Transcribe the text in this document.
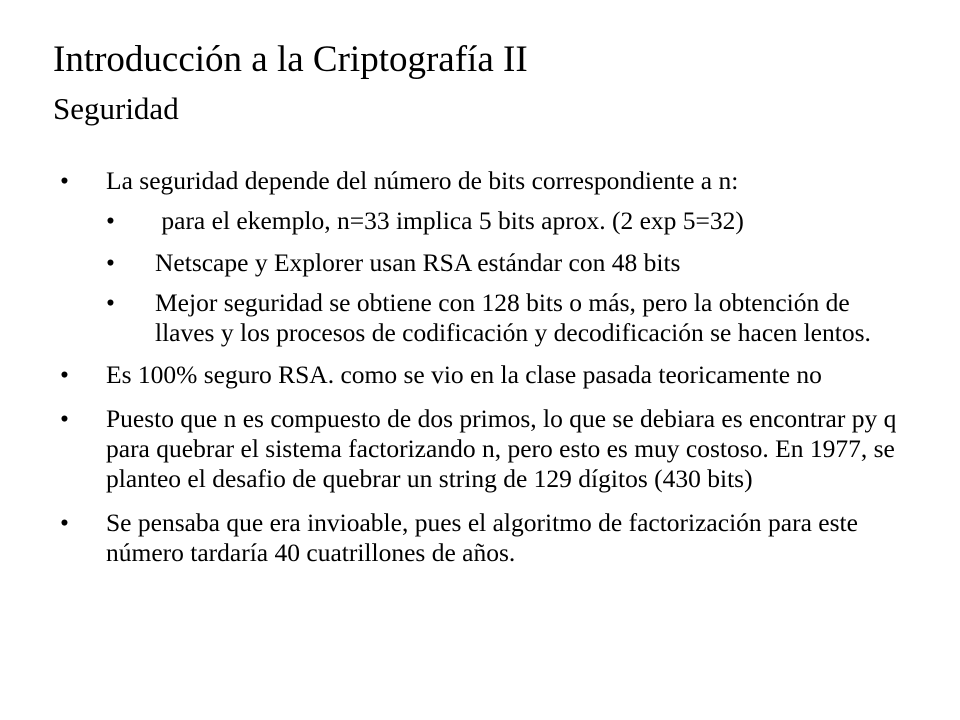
Introducción a la Criptografía II
Seguridad
• La seguridad depende del número de bits correspondiente a n:
• para el ekemplo, n=33 implica 5 bits aprox. (2 exp 5=32)
• Netscape y Explorer usan RSA estándar con 48 bits
• Mejor seguridad se obtiene con 128 bits o más, pero la obtención de llaves y los procesos de codificación y decodificación se hacen lentos.
• Es 100% seguro RSA. como se vio en la clase pasada teoricamente no
• Puesto que n es compuesto de dos primos, lo que se debiara es encontrar py q para quebrar el sistema factorizando n, pero esto es muy costoso. En 1977, se planteo el desafio de quebrar un string de 129 dígitos (430 bits)
• Se pensaba que era invioable, pues el algoritmo de factorización para este número tardaría 40 cuatrillones de años.
